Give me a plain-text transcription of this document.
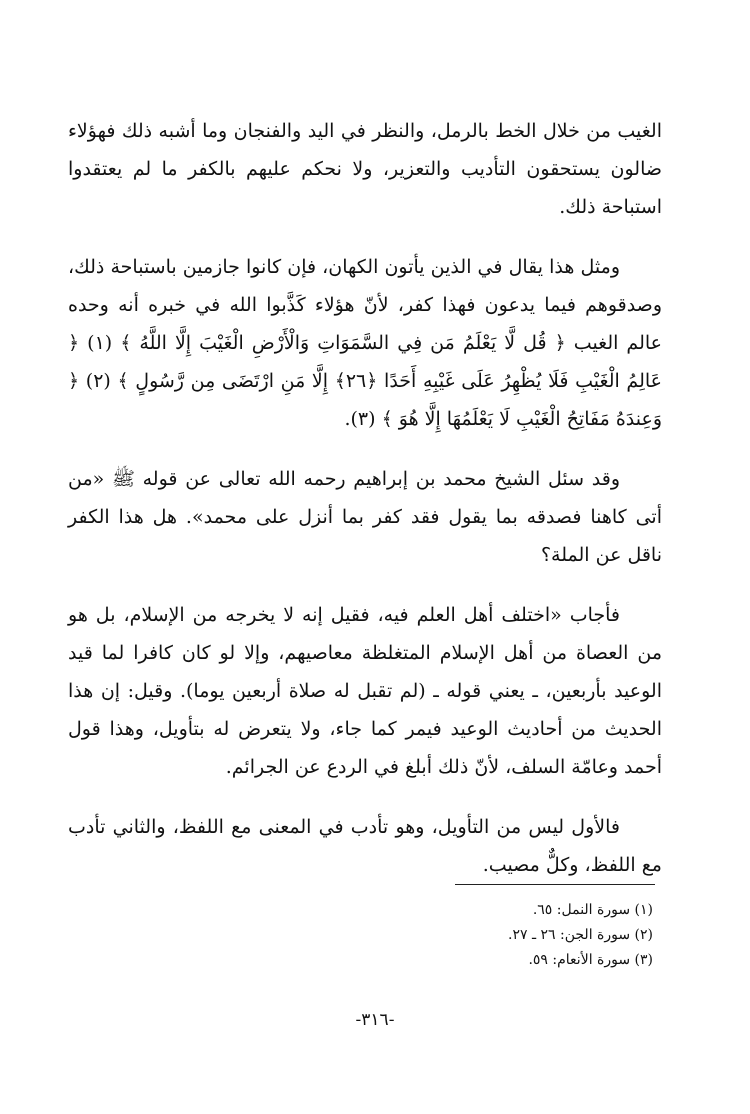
الغيب من خلال الخط بالرمل، والنظر في اليد والفنجان وما أشبه ذلك فهؤلاء ضالون يستحقون التأديب والتعزير، ولا نحكم عليهم بالكفر ما لم يعتقدوا استباحة ذلك.

ومثل هذا يقال في الذين يأتون الكهان، فإن كانوا جازمين باستباحة ذلك، وصدقوهم فيما يدعون فهذا كفر، لأنّ هؤلاء كَذَّبوا الله في خبره أنه وحده عالم الغيب ﴿ قُل لَّا يَعْلَمُ مَن فِي السَّمَوَاتِ وَالْأَرْضِ الْغَيْبَ إِلَّا اللَّهُ ﴾ (١) ﴿ عَالِمُ الْغَيْبِ فَلَا يُظْهِرُ عَلَى غَيْبِهِ أَحَدًا ﴿٢٦﴾ إِلَّا مَنِ ارْتَضَى مِن رَّسُولٍ ﴾ (٢) ﴿ وَعِندَهُ مَفَاتِحُ الْغَيْبِ لَا يَعْلَمُهَا إِلَّا هُوَ ﴾ (٣).

وقد سئل الشيخ محمد بن إبراهيم رحمه الله تعالى عن قوله ﷺ «من أتى كاهنا فصدقه بما يقول فقد كفر بما أنزل على محمد». هل هذا الكفر ناقل عن الملة؟

فأجاب «اختلف أهل العلم فيه، فقيل إنه لا يخرجه من الإسلام، بل هو من العصاة من أهل الإسلام المتغلظة معاصيهم، وإلا لو كان كافرا لما قيد الوعيد بأربعين، ـ يعني قوله ـ (لم تقبل له صلاة أربعين يوما). وقيل: إن هذا الحديث من أحاديث الوعيد فيمر كما جاء، ولا يتعرض له بتأويل، وهذا قول أحمد وعامّة السلف، لأنّ ذلك أبلغ في الردع عن الجرائم.

فالأول ليس من التأويل، وهو تأدب في المعنى مع اللفظ، والثاني تأدب مع اللفظ، وكلٌّ مصيب.

(١) سورة النمل: ٦٥.
(٢) سورة الجن: ٢٦ ـ ٢٧.
(٣) سورة الأنعام: ٥٩.
-٣١٦-
